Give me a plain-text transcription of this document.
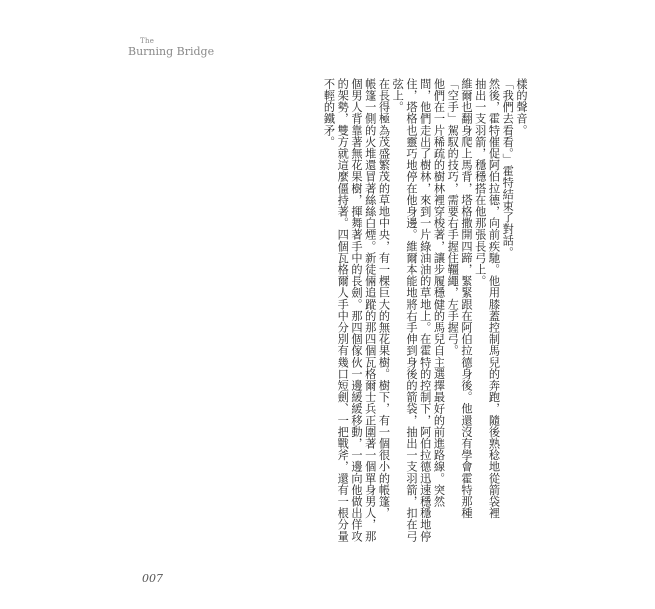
The
Burning Bridge
樣的聲音。
「我們去看看。」霍特結束了對話。
然後，霍特催促阿伯拉德，向前疾馳。他用膝蓋控制馬兒的奔跑，隨後熟稔地從箭袋裡
抽出一支羽箭，穩穩搭在他那張長弓上。
維爾也翻身爬上馬背，塔格撒開四蹄，緊緊跟在阿伯拉德身後。他還沒有學會霍特那種
「空手」駕馭的技巧，需要右手握住韁繩，左手握弓。
他們在一片稀疏的樹林裡穿梭著，讓步履穩健的馬兒自主選擇最好的前進路線。突然
間，他們走出了樹林，來到一片綠油油的草地上。在霍特的控制下，阿伯拉德迅速穩穩地停
住，塔格也靈巧地停在他身邊。維爾本能地將右手伸到身後的箭袋，抽出一支羽箭，扣在弓
弦上。
在長得極為茂盛繁茂的草地中央，有一棵巨大的無花果樹。樹下，有一個很小的帳篷，
帳篷一側的火堆還冒著絲絲白煙。新徒倆追蹤的那四個瓦格爾士兵正圍著一個單身男人，那
個男人背靠著無花果樹，揮舞著手中的長劍。那四個傢伙一邊緩緩移動，一邊向他做出佯攻
的架勢，雙方就這麼僵持著。四個瓦格爾人手中分別有幾口短劍、一把戰斧，還有一根分量
不輕的鐵矛。
007
